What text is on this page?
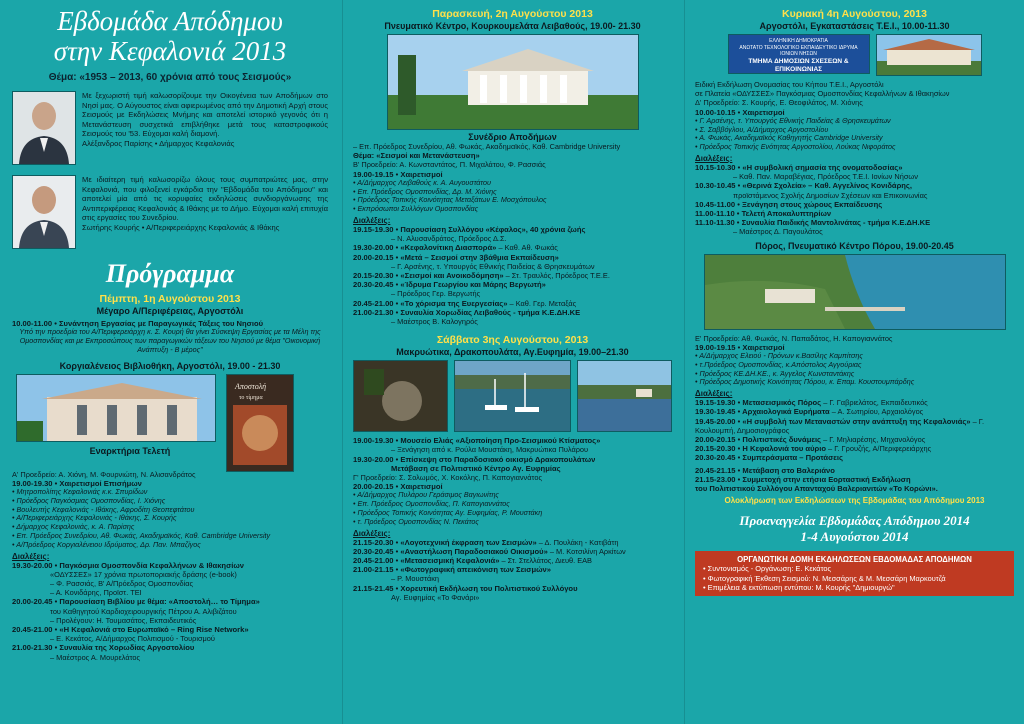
Εβδομάδα Απόδημου
στην Κεφαλονιά 2013
Θέμα: «1953 – 2013, 60 χρόνια από τους Σεισμούς»

Με ξεχωριστή τιμή καλωσορίζουμε την Οικογένεια των Αποδήμων στο Νησί μας. Ο Αύγουστος είναι αφιερωμένος από την Δημοτική Αρχή στους Σεισμούς με Εκδηλώσεις Μνήμης και αποτελεί ιστορικό γεγονός ότι η Μετανάστευση συσχετικά επιβλήθηκε μετά τους καταστροφικούς Σεισμούς του '53. Εύχομαι καλή διαμονή.

Αλέξανδρος Παρίσης • Δήμαρχος Κεφαλονιάς

Με ιδιαίτερη τιμή καλωσορίζω όλους τους συμπατριώτες μας, στην Κεφαλονιά, που φιλοξενεί εγκάρδια την "Εβδομάδα του Απόδημου" και αποτελεί μία από τις κορυφαίες εκδηλώσεις συνδιοργάνωσης της Αντιπεριφέρειας Κεφαλονιάς & Ιθάκης με το Δήμο. Εύχομαι καλή επιτυχία στις εργασίες του Συνεδρίου.

Σωτήρης Κουρής • Α/Περιφερειάρχης Κεφαλονιάς & Ιθάκης
Πρόγραμμα
Πέμπτη, 1η Αυγούστου 2013
Μέγαρο Α/Περιφέρειας, Αργοστόλι
10.00-11.00 • Συνάντηση Εργασίας με Παραγωγικές Τάξεις του Νησιού
Υπό την προεδρία του Α/Περιφερειάρχη κ. Σ. Κουρή θα γίνει Σύσκεψη Εργασίας με τα Μέλη της Ομοσπονδίας και με Εκπροσώπους των παραγωγικών τάξεων του Νησιού με θέμα "Οικονομική Ανάπτυξη - Β μέρος"
Κοργιαλένειος Βιβλιοθήκη, Αργοστόλι, 19.00 - 21.30
Αποστολή
το τίμημα
Εναρκτήρια Τελετή
Α' Προεδρείο: Α. Χιόνη, Μ. Φουρνιώτη, Ν. Αλισανδράτος
19.00-19.30 • Χαιρετισμοί Επισήμων
• Μητροπολίτης Κεφαλονιάς κ.κ. Σπυρίδων
• Πρόεδρος Παγκόσμιας Ομοσπονδίας, Ι. Χιόνης
• Βουλευτής Κεφαλονιάς - Ιθάκης, Αφροδίτη Θεοπεφτάτου
• Α/Περιφερειάρχης Κεφαλονιάς - Ιθάκης, Σ. Κουρής
• Δήμαρχος Κεφαλονιάς, κ. Α. Παρίσης
• Επ. Πρόεδρος Συνεδρίου, Αθ. Φωκάς, Ακαδημαϊκός, Καθ. Cambridge University
• Α/Πρόεδρος Κοργιαλένειου Ιδρύματος, Δρ. Παν. Μπαζίγος
Διαλέξεις:
19.30-20.00 • Παγκόσμια Ομοσπονδία Κεφαλλήνων & Ιθακησίων
«ΟΔΥΣΣΕΣ» 17 χρόνια πρωτοποριακής δράσης (e-book)
– Φ. Ρασσιάς, Β' Α/Πρόεδρος Ομοσπονδίας
– Α. Κονιδάρης, Προϊστ. ΤΕΙ
20.00-20.45 • Παρουσίαση Βιβλίου με θέμα: «Αποστολή… το Τίμημα»
του Καθηγητού Καρδιοχειρουργικής Πέτρου Α. Αλιβιζάτου
– Προλέγουν: Η. Τουμασάτος, Εκπαιδευτικός
20.45-21.00 • «Η Κεφαλονιά στο Ευρωπαϊκό – Ring Rise Network»
– Ε. Κεκάτος, Α/Δήμαρχος Πολιτισμού - Τουρισμού
21.00-21.30 • Συναυλία της Χορωδίας Αργοστολίου
– Μαέστρος Α. Μουρελάτος
Παρασκευή, 2η Αυγούστου 2013
Πνευματικό Κέντρο, Κουρκουμελάτα Λειβαθούς, 19.00- 21.30
Συνέδριο Αποδήμων
– Επ. Πρόεδρος Συνεδρίου, Αθ. Φωκάς, Ακαδημαϊκός, Καθ. Cambridge University
Θέμα: «Σεισμοί και Μετανάστευση»
Β' Προεδρείο: Α. Κωνσταντάτος, Π. Μιχαλάτου, Φ. Ρασσιάς
19.00-19.15 • Χαιρετισμοί
• Α/Δήμαρχος Λειβαθούς κ. Α. Αυγουστάτου
• Επ. Πρόεδρος Ομοσπονδίας, Δρ. Μ. Χιόνης
• Πρόεδρος Τοπικής Κοινότητας Μεταξάτων Ε. Μοσχόπουλος
• Εκπρόσωποι Συλλόγων Ομοσπονδίας
Διαλέξεις:
19.15-19.30 • Παρουσίαση Συλλόγου «Κέφαλος», 40 χρόνια ζωής
– Ν. Αλυσανδράτος, Πρόεδρος Δ.Σ.
19.30-20.00 • «Κεφαλονίτικη Διασπορά» – Καθ. Αθ. Φωκάς
20.00-20.15 • «Μετά – Σεισμοί στην 3βάθμια Εκπαίδευση»
– Γ. Αρσένης, τ. Υπουργός Εθνικής Παιδείας & Θρησκευμάτων
20.15-20.30 • «Σεισμοί και Ανοικοδόμηση» – Στ. Τραυλός, Πρόεδρος Τ.Ε.Ε.
20.30-20.45 • «Ίδρυμα Γεωργίου και Μάρης Βεργωτή»
– Πρόεδρος Γερ. Βεργωτής
20.45-21.00 • «Το χόρισμα της Ευεργεσίας» – Καθ. Γερ. Μεταξάς
21.00-21.30 • Συναυλία Χορωδίας Λειβαθούς - τμήμα Κ.Ε.ΔΗ.ΚΕ
– Μαέστρος Β. Καλογηρός
Σάββατο 3ης Αυγούστου, 2013
Μακρυώτικα, Δρακοπουλάτα, Αγ.Ευφημία, 19.00–21.30
19.00-19.30 • Μουσείο Ελιάς «Αξιοποίηση Προ-Σεισμικού Κτίσματος»
– Ξενάγηση από κ. Ρούλα Μουστάκη, Μακρυώτικα Πυλάρου
19.30-20.00 • Επίσκεψη στο Παραδοσιακό οικισμό Δρακοπουλάτων
Μετάβαση σε Πολιτιστικό Κέντρο Αγ. Ευφημίας
Γ' Προεδρείο: Σ. Σολωμός, Χ. Κοκόλης, Π. Καπογιαννάτος
20.00-20.15 • Χαιρετισμοί
• Α/Δήμαρχος Πυλάρου Γεράσιμος Βαγιωνίτης
• Επ. Πρόεδρος Ομοσπονδίας, Π. Καπογιαννάτος
• Πρόεδρος Τοπικής Κοινότητας Αγ. Ευφημίας, Ρ. Μουστάκη
• τ. Πρόεδρος Ομοσπονδίας Ν. Πεκάτος
Διαλέξεις:
21.15-20.30 • «Λογοτεχνική έκφραση των Σεισμών» – Δ. Πουλάκη - Κατιβάτη
20.30-20.45 • «Αναστήλωση Παραδοσιακού Οικισμού» – Μ. Κοτσιλίνη Αρκίτων
20.45-21.00 • «Μετασεισμική Κεφαλονιά» – Στ. Στελλάτος, Διευθ. ΕΑΒ
21.00-21.15 • «Φωτογραφική απεικόνιση των Σεισμών»
– Ρ. Μουστάκη
21.15-21.45 • Χορευτική Εκδήλωση του Πολιτιστικού Συλλόγου
Αγ. Ευφημίας «Το Φανάρι»
Κυριακή 4η Αυγούστου, 2013
Αργοστόλι, Εγκαταστάσεις Τ.Ε.Ι., 10.00-11.30
ΕΛΛΗΝΙΚΗ ΔΗΜΟΚΡΑΤΙΑ
ΑΝΩΤΑΤΟ ΤΕΧΝΟΛΟΓΙΚΟ ΕΚΠΑΙΔΕΥΤΙΚΟ ΙΔΡΥΜΑ
ΙΟΝΙΩΝ ΝΗΣΩΝ
ΤΜΗΜΑ ΔΗΜΟΣΙΩΝ ΣΧΕΣΕΩΝ & ΕΠΙΚΟΙΝΩΝΙΑΣ
Ειδική Εκδήλωση Ονομασίας του Κήπου Τ.Ε.Ι., Αργοστόλι
σε Πλατεία «ΟΔΥΣΣΕΣ» Παγκόσμιας Ομοσπονδίας Κεφαλλήνων & Ιθακησίων
Δ' Προεδρείο: Σ. Κουρής, Ε. Θεοφιλάτος, Μ. Χιόνης
10.00-10.15 • Χαιρετισμοί
• Γ. Αρσένης, τ. Υπουργός Εθνικής Παιδείας & Θρησκευμάτων
• Σ. Σαββόγλου, Α/Δήμαρχος Αργοστολίου
• Α. Φωκάς, Ακαδημαϊκός Καθηγητής Cambridge University
• Πρόεδρος Τοπικής Ενότητας Αργοστολίου, Λούκας Νιφοράτος
Διαλέξεις:
10.15-10.30 • «Η συμβολική σημασία της ονοματοδοσίας»
– Καθ. Παν. Μαραβέγιας, Πρόεδρος Τ.Ε.Ι. Ιονίων Νήσων
10.30-10.45 • «Θερινά Σχολεία» – Καθ. Αγγελίνος Κονιδάρης,
προϊστάμενος Σχολής Δημοσίων Σχέσεων και Επικοινωνίας
10.45-11.00 • Ξενάγηση στους χώρους Εκπαίδευσης
11.00-11.10 • Τελετή Αποκαλυπτηρίων
11.10-11.30 • Συναυλία Παιδικής Μαντολινάτας - τμήμα Κ.Ε.ΔΗ.ΚΕ
– Μαέστρος Δ. Παγουλάτος
Πόρος, Πνευματικό Κέντρο Πόρου, 19.00-20.45
Ε' Προεδρείο: Αθ. Φωκάς, Ν. Παπαδάτος, Η. Καπογιαννάτος
19.00-19.15 • Χαιρετισμοί
• Α/Δήμαρχος Ελειού - Πρόνων κ.Βασίλης Καμπίτσης
• τ.Πρόεδρος Ομοσπονδίας, κ.Απόστολος Αγγούριας
• Πρόεδρος ΚΕ.ΔΗ.ΚΕ., κ. Άγγελος Κωνσταντάκης
• Πρόεδρος Δημοτικής Κοινότητας Πόρου, κ. Επαμ. Κουστουμπάρδης
Διαλέξεις:
19.15-19.30 • Μετασεισμικός Πόρος – Γ. Γαβριελάτος, Εκπαιδευτικός
19.30-19.45 • Αρχαιολογικά Ευρήματα – Α. Σωτηρίου, Αρχαιολόγος
19.45-20.00 • «Η συμβολή των Μεταναστών στην ανάπτυξη της Κεφαλονιάς» – Γ. Κουλουμπή, Δημοσιογράφος
20.00-20.15 • Πολιτιστικές δυνάμεις – Γ. Μηλιαρέσης, Μηχανολόγος
20.15-20.30 • Η Κεφαλονιά του αύριο – Γ. Γρουζής, Α/Περιφερειάρχης
20.30-20.45 • Συμπεράσματα – Προτάσεις
20.45-21.15 • Μετάβαση στο Βαλεριάνο
21.15-23.00 • Συμμετοχή στην ετήσια Εορταστική Εκδήλωση
του Πολιτιστικού Συλλόγου Απανταχού Βαλεριανιτών «Το Κορώνι».
Ολοκλήρωση των Εκδηλώσεων της Εβδομάδας του Απόδημου 2013
Προαναγγελία Εβδομάδας Απόδημου 2014
1-4 Αυγούστου 2014
ΟΡΓΑΝΩΤΙΚΗ ΔΟΜΗ ΕΚΔΗΛΩΣΕΩΝ ΕΒΔΟΜΑΔΑΣ ΑΠΟΔΗΜΩΝ
• Συντονισμός - Οργάνωση: Ε. Κεκάτος
• Φωτογραφική Έκθεση Σεισμού: Ν. Μεσσάρης & Μ. Μεσσάρη Μαρκουτζά
• Επιμέλεια & εκτύπωση εντύπου: Μ. Κουρής "Δημιουργώ"
